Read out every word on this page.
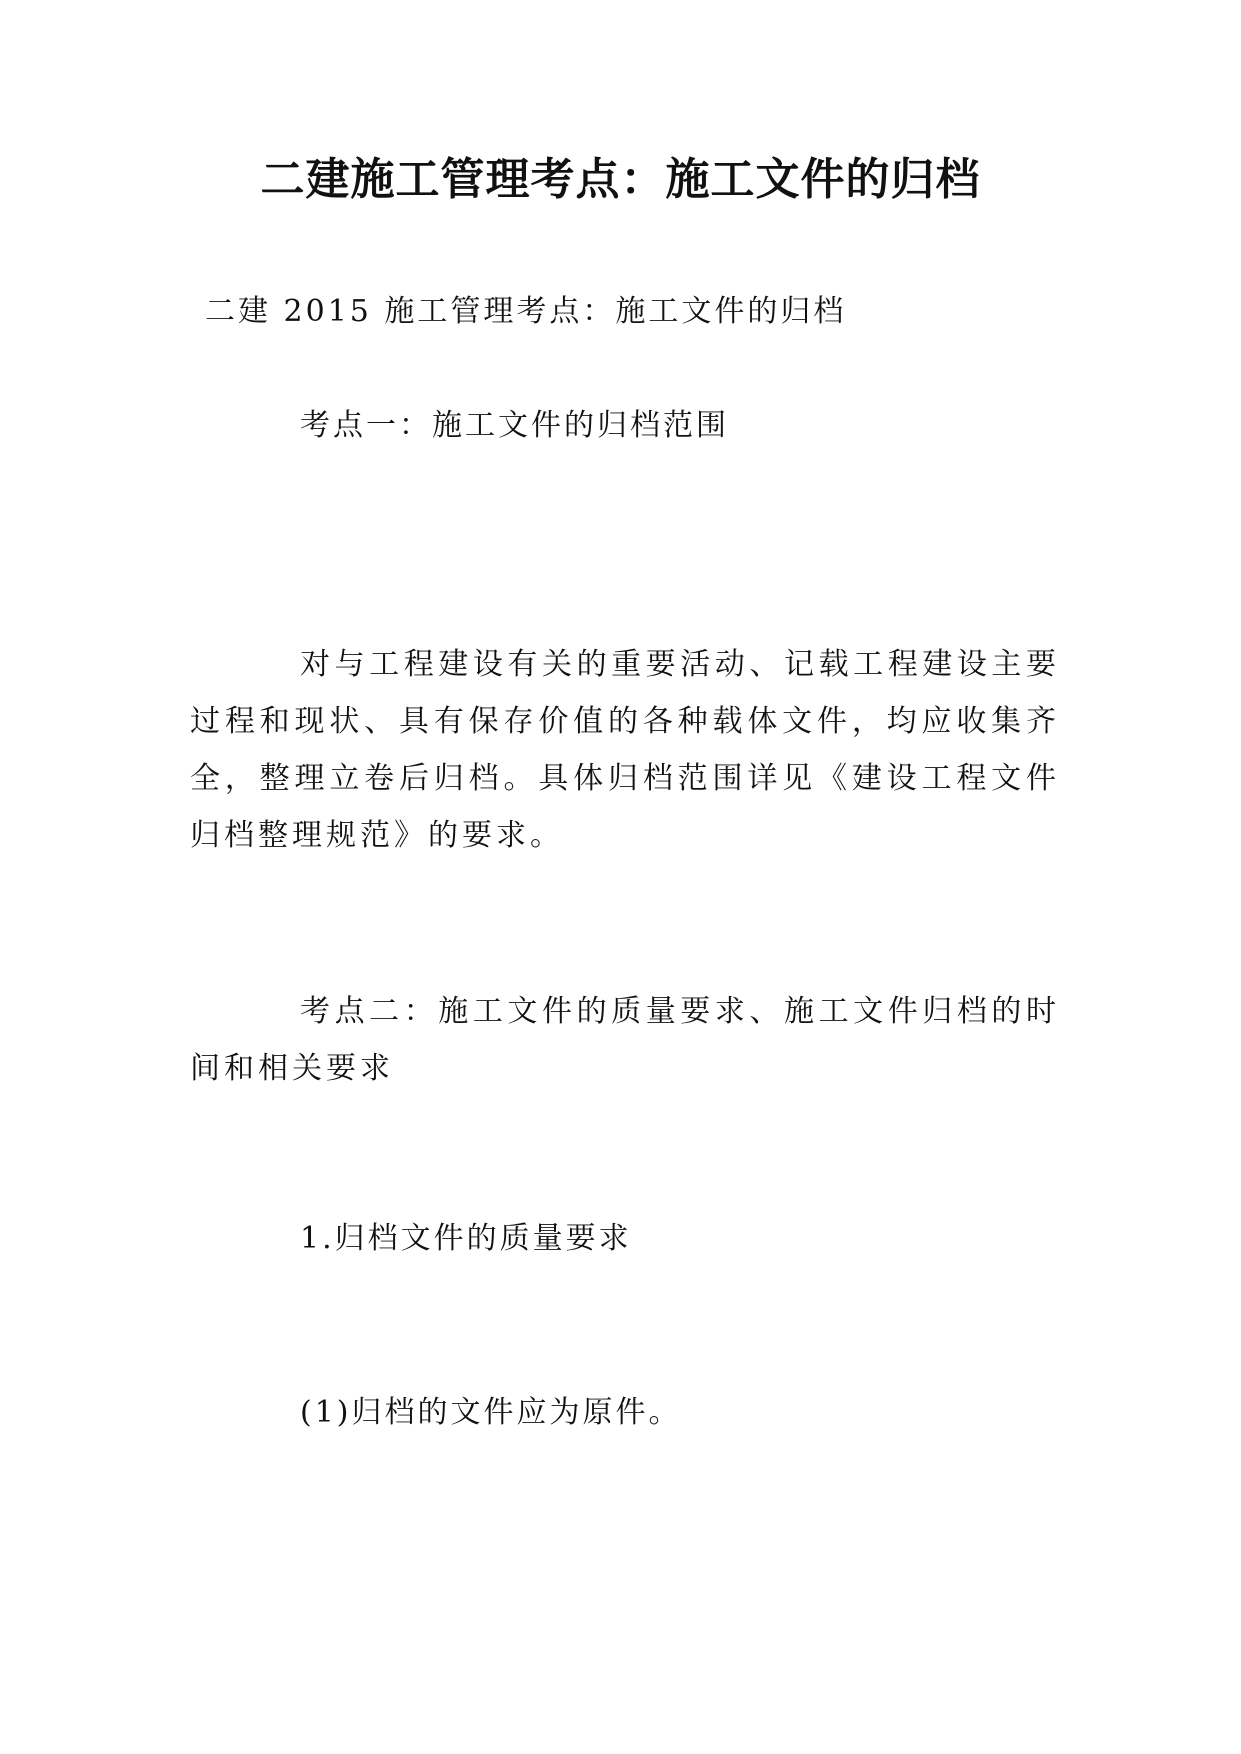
二建施工管理考点：施工文件的归档

二建 2015 施工管理考点：施工文件的归档

考点一：施工文件的归档范围

对与工程建设有关的重要活动、记载工程建设主要过程和现状、具有保存价值的各种载体文件，均应收集齐全，整理立卷后归档。具体归档范围详见《建设工程文件归档整理规范》的要求。

考点二：施工文件的质量要求、施工文件归档的时间和相关要求

1.归档文件的质量要求

(1)归档的文件应为原件。
